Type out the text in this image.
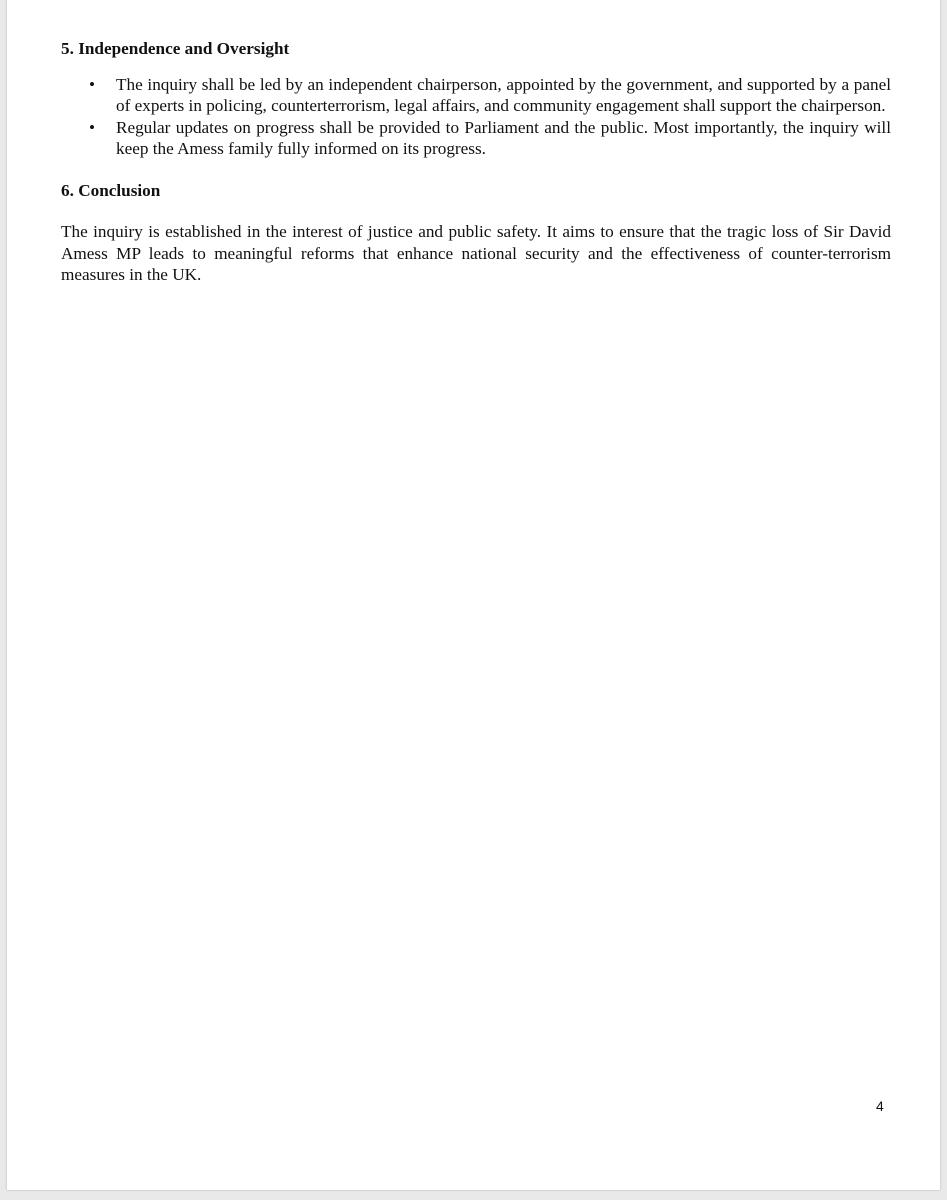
5. Independence and Oversight
• The inquiry shall be led by an independent chairperson, appointed by the government, and supported by a panel of experts in policing, counterterrorism, legal affairs, and community engagement shall support the chairperson.
• Regular updates on progress shall be provided to Parliament and the public. Most importantly, the inquiry will keep the Amess family fully informed on its progress.
6. Conclusion

The inquiry is established in the interest of justice and public safety. It aims to ensure that the tragic loss of Sir David Amess MP leads to meaningful reforms that enhance national security and the effectiveness of counter-terrorism measures in the UK.

4
